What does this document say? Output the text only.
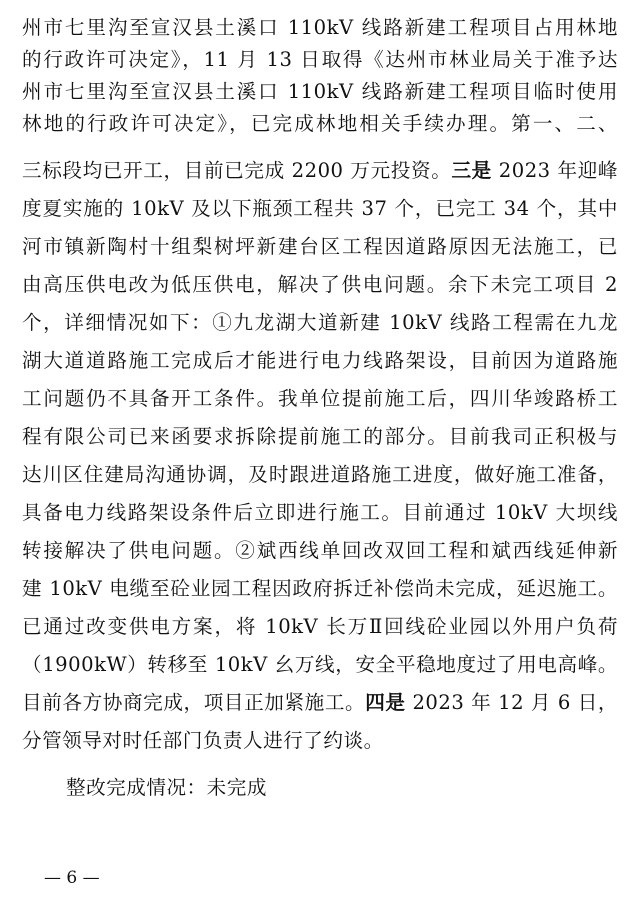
州市七里沟至宣汉县土溪口 110kV 线路新建工程项目占用林地
的行政许可决定》，11 月 13 日取得《达州市林业局关于准予达
州市七里沟至宣汉县土溪口 110kV 线路新建工程项目临时使用
林地的行政许可决定》，已完成林地相关手续办理。第一、二、
三标段均已开工，目前已完成 2200 万元投资。三是 2023 年迎峰
度夏实施的 10kV 及以下瓶颈工程共 37 个，已完工 34 个，其中
河市镇新陶村十组梨树坪新建台区工程因道路原因无法施工，已
由高压供电改为低压供电，解决了供电问题。余下未完工项目 2
个，详细情况如下：①九龙湖大道新建 10kV 线路工程需在九龙
湖大道道路施工完成后才能进行电力线路架设，目前因为道路施
工问题仍不具备开工条件。我单位提前施工后，四川华竣路桥工
程有限公司已来函要求拆除提前施工的部分。目前我司正积极与
达川区住建局沟通协调，及时跟进道路施工进度，做好施工准备，
具备电力线路架设条件后立即进行施工。目前通过 10kV 大坝线
转接解决了供电问题。②斌西线单回改双回工程和斌西线延伸新
建 10kV 电缆至砼业园工程因政府拆迁补偿尚未完成，延迟施工。
已通过改变供电方案，将 10kV 长万Ⅱ回线砼业园以外用户负荷
（1900kW）转移至 10kV 幺万线，安全平稳地度过了用电高峰。
目前各方协商完成，项目正加紧施工。四是 2023 年 12 月 6 日，
分管领导对时任部门负责人进行了约谈。
整改完成情况：未完成
— 6 —
